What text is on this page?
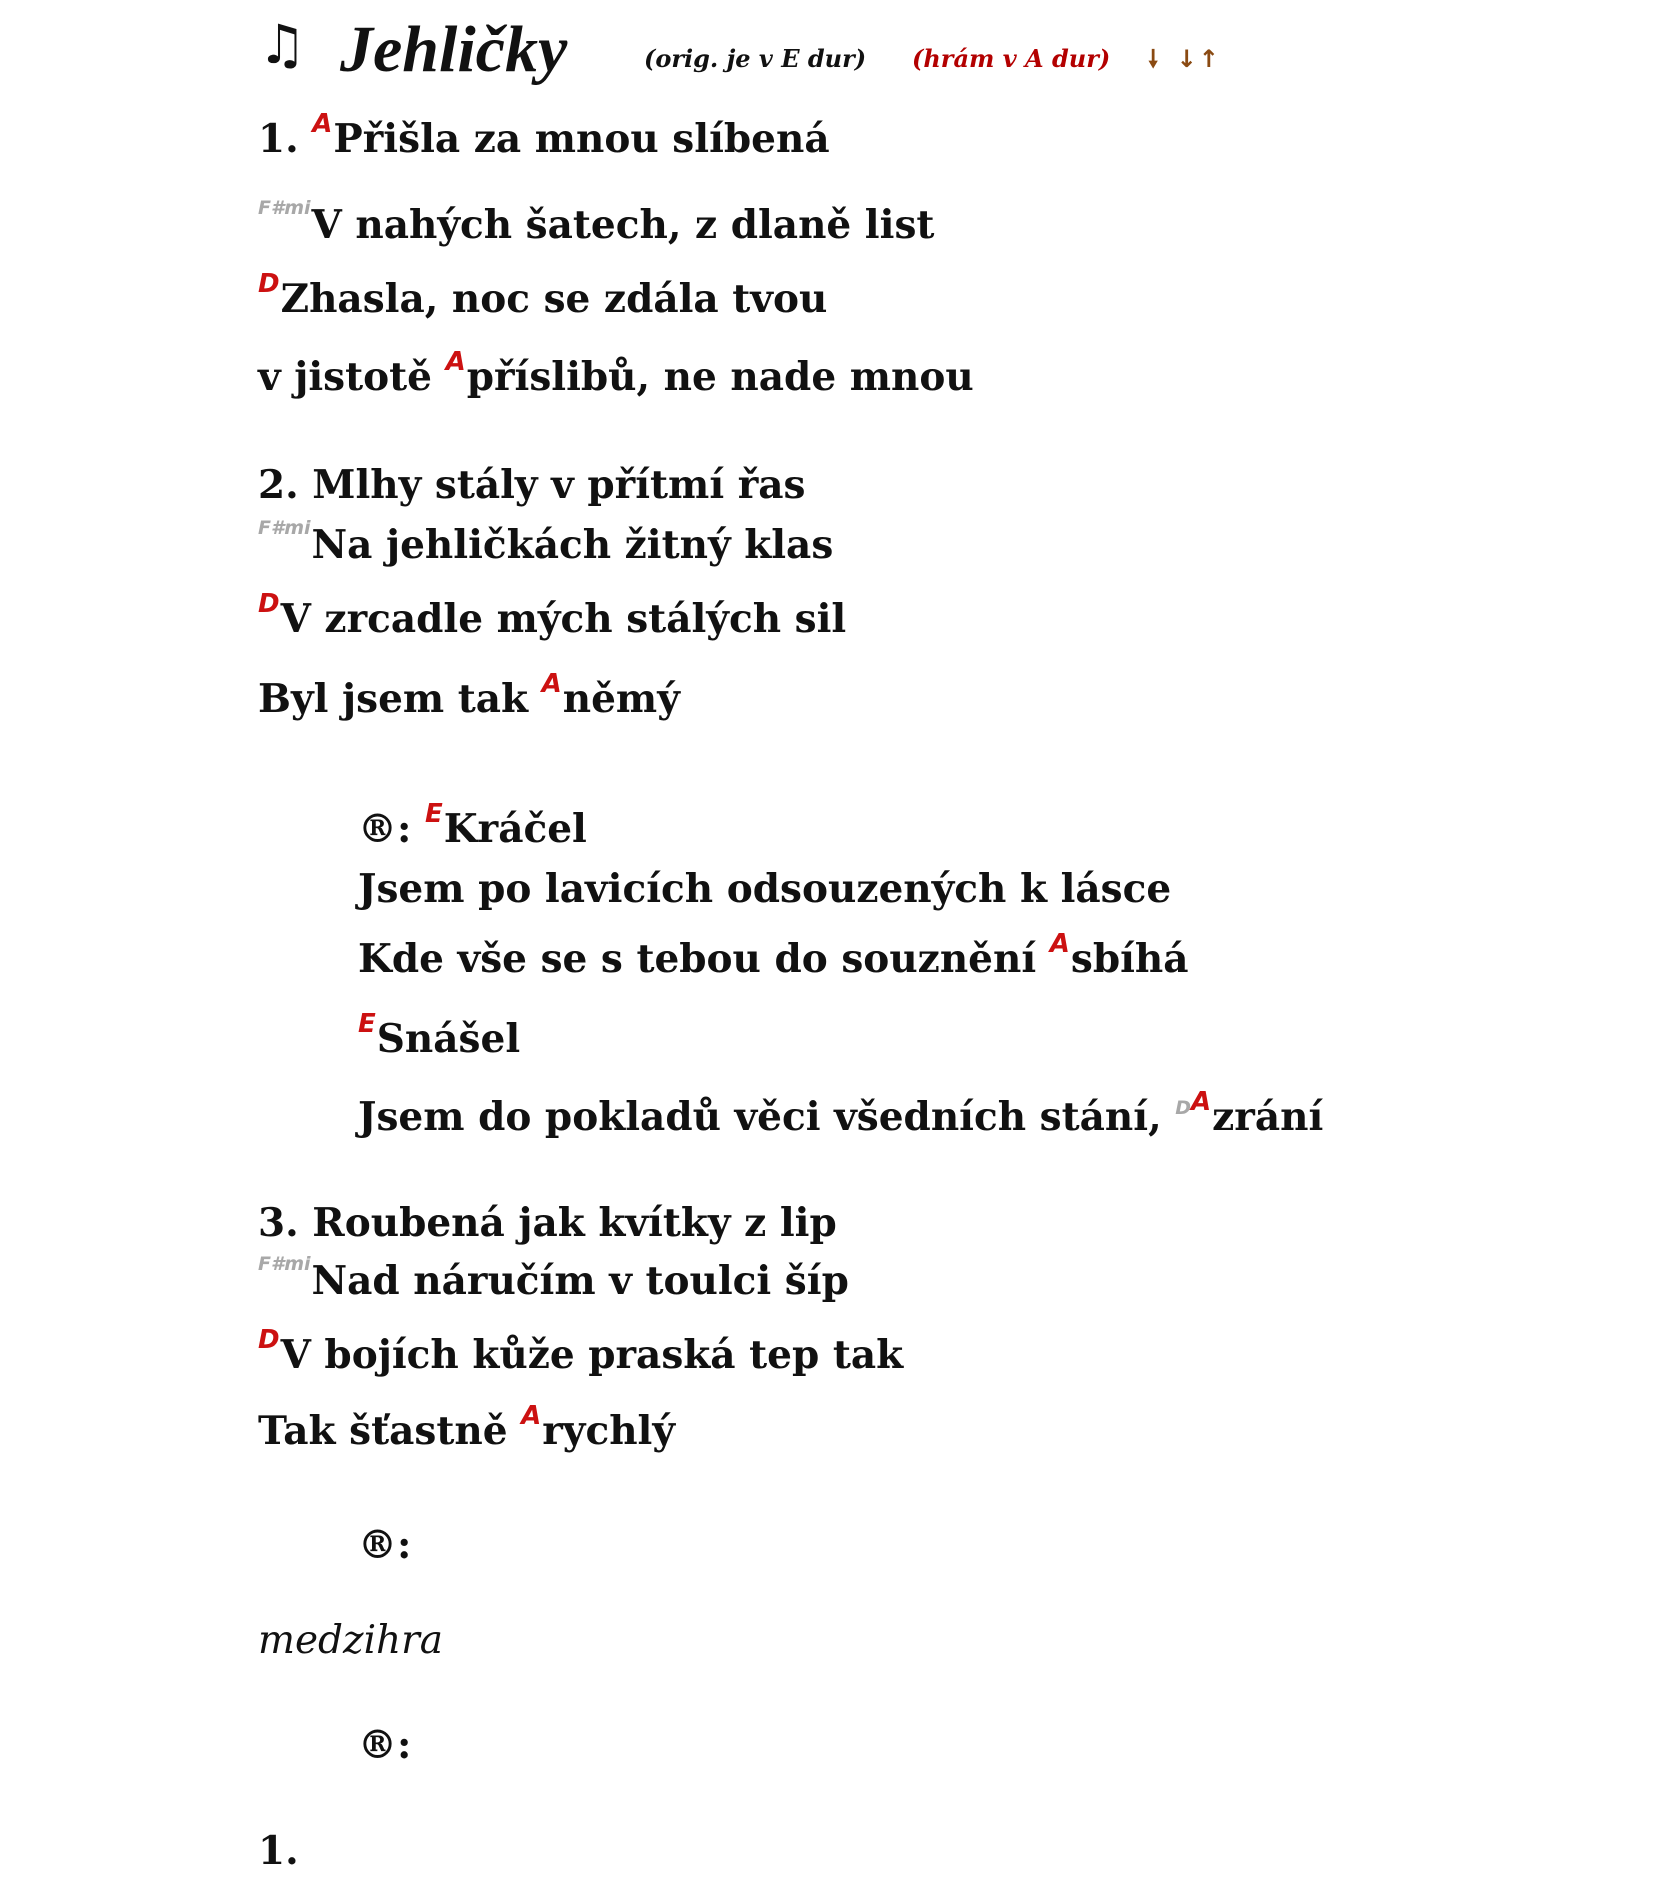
♫ Jehličky	(orig. je v E dur) (hrám v A dur) 🠗 ↓↑
1. $^A$Přišla za mnou slíbená
$^{F\#mi}$V nahých šatech, z dlaně list
$^D$Zhasla, noc se zdála tvou
v jistotě $^A$příslibů, ne nade mnou
2. Mlhy stály v přítmí řas
$^{F\#mi}$Na jehličkách žitný klas
$^D$V zrcadle mých stálých sil
Byl jsem tak $^A$němý
®: $^E$Kráčel
Jsem po lavicích odsouzených k lásce
Kde vše se s tebou do souznění $^A$sbíhá
$^E$Snášel
Jsem do pokladů věci všedních stání, $^{DA}$zrání
3. Roubená jak kvítky z lip
$^{F\#mi}$Nad náručím v toulci šíp
$^D$V bojích kůže praská tep tak
Tak šťastně $^A$rychlý
®:
medzihra
®:
1.
